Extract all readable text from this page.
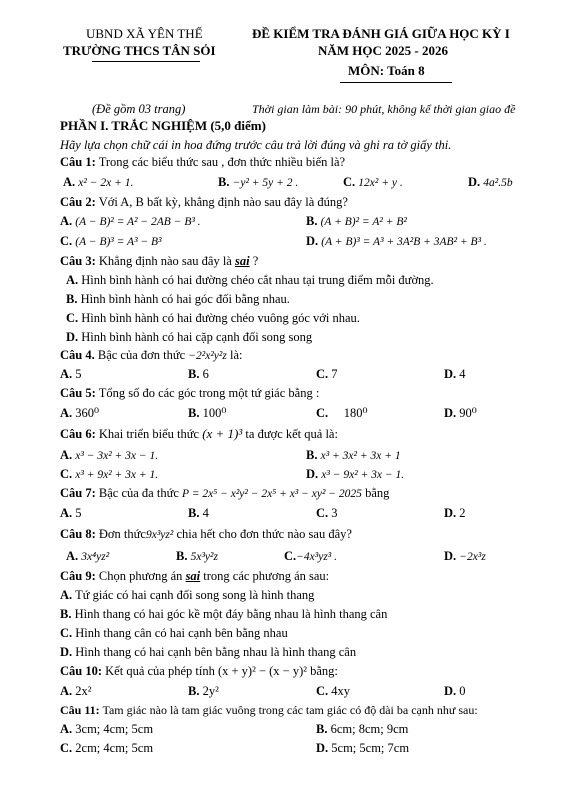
UBND XÃ YÊN THẾ
TRƯỜNG THCS TÂN SỎI
(Đề gồm 03 trang)
ĐỀ KIỂM TRA ĐÁNH GIÁ GIỮA HỌC KỲ I
NĂM HỌC 2025 - 2026
MÔN: Toán 8
Thời gian làm bài: 90 phút, không kể thời gian giao đề
PHẦN I. TRẮC NGHIỆM (5,0 điểm)
Hãy lựa chọn chữ cái in hoa đứng trước câu trả lời đúng và ghi ra tờ giấy thi.
Câu 1: Trong các biểu thức sau , đơn thức nhiều biến là?
A. x² − 2x + 1.	B. −y² + 5y + 2 .	C. 12x² + y .	D. 4a².5b
Câu 2: Với A, B bất kỳ, khẳng định nào sau đây là đúng?
A. (A − B)² = A² − 2AB − B³ .	B. (A + B)² = A² + B²
C. (A − B)³ = A³ − B³	D. (A + B)³ = A³ + 3A²B + 3AB² + B³ .
Câu 3: Khẳng định nào sau đây là sai ?
A. Hình bình hành có hai đường chéo cắt nhau tại trung điểm mỗi đường.
B. Hình bình hành có hai góc đối bằng nhau.
C. Hình bình hành có hai đường chéo vuông góc với nhau.
D. Hình bình hành có hai cặp cạnh đối song song
Câu 4. Bậc của đơn thức −2²x²y²z là:
A. 5	B. 6	C. 7	D. 4
Câu 5: Tổng số đo các góc trong một tứ giác bằng :
A. 360⁰	B. 100⁰	C. 180⁰	D. 90⁰
Câu 6: Khai triển biểu thức (x + 1)³ ta được kết quả là:
A. x³ − 3x² + 3x − 1.	B. x³ + 3x² + 3x + 1
C. x³ + 9x² + 3x + 1.	D. x³ − 9x² + 3x − 1.
Câu 7: Bậc của đa thức P = 2x⁵ − x²y² − 2x⁵ + x³ − xy² − 2025 bằng
A. 5	B. 4	C. 3	D. 2
Câu 8: Đơn thức9x³yz² chia hết cho đơn thức nào sau đây?
A. 3x⁴yz²	B. 5x³y²z	C.−4x³yz³ .	D. −2x³z
Câu 9: Chọn phương án sai trong các phương án sau:
A. Tứ giác có hai cạnh đối song song là hình thang
B. Hình thang có hai góc kề một đáy bằng nhau là hình thang cân
C. Hình thang cân có hai cạnh bên bằng nhau
D. Hình thang có hai cạnh bên bằng nhau là hình thang cân
Câu 10: Kết quả của phép tính (x + y)² − (x − y)² bằng:
A. 2x²	B. 2y²	C. 4xy	D. 0
Câu 11: Tam giác nào là tam giác vuông trong các tam giác có độ dài ba cạnh như sau:
A. 3cm; 4cm; 5cm	B. 6cm; 8cm; 9cm
C. 2cm; 4cm; 5cm	D. 5cm; 5cm; 7cm
